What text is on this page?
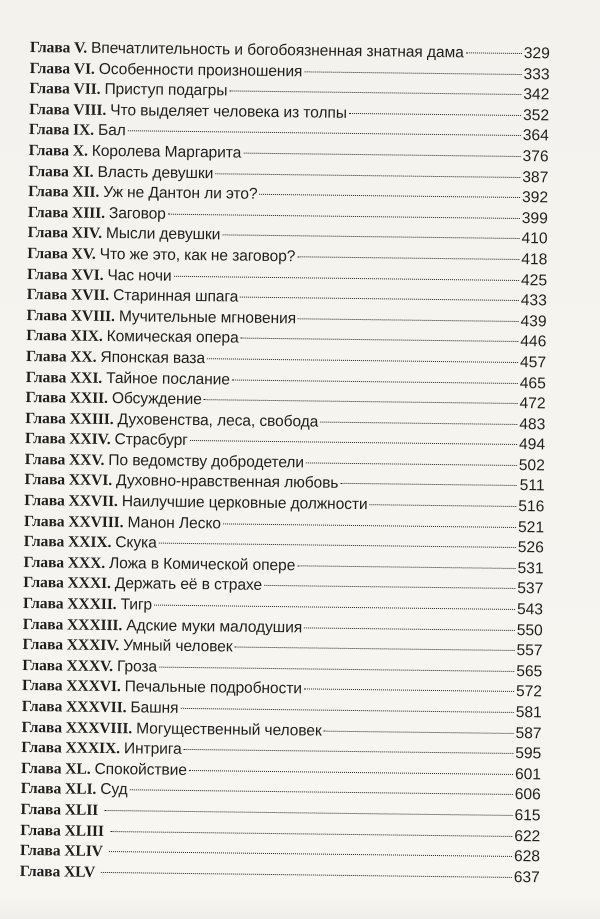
Глава V. Впечатлительность и богобоязненная знатная дама	329
Глава VI. Особенности произношения	333
Глава VII. Приступ подагры	342
Глава VIII. Что выделяет человека из толпы	352
Глава IX. Бал	364
Глава X. Королева Маргарита	376
Глава XI. Власть девушки	387
Глава XII. Уж не Дантон ли это?	392
Глава XIII. Заговор	399
Глава XIV. Мысли девушки	410
Глава XV. Что же это, как не заговор?	418
Глава XVI. Час ночи	425
Глава XVII. Старинная шпага	433
Глава XVIII. Мучительные мгновения	439
Глава XIX. Комическая опера	446
Глава XX. Японская ваза	457
Глава XXI. Тайное послание	465
Глава XXII. Обсуждение	472
Глава XXIII. Духовенства, леса, свобода	483
Глава XXIV. Страсбург	494
Глава XXV. По ведомству добродетели	502
Глава XXVI. Духовно-нравственная любовь	511
Глава XXVII. Наилучшие церковные должности	516
Глава XXVIII. Манон Леско	521
Глава XXIX. Скука	526
Глава XXX. Ложа в Комической опере	531
Глава XXXI. Держать её в страхе	537
Глава XXXII. Тигр	543
Глава XXXIII. Адские муки малодушия	550
Глава XXXIV. Умный человек	557
Глава XXXV. Гроза	565
Глава XXXVI. Печальные подробности	572
Глава XXXVII. Башня	581
Глава XXXVIII. Могущественный человек	587
Глава XXXIX. Интрига	595
Глава XL. Спокойствие	601
Глава XLI. Суд	606
Глава XLII	615
Глава XLIII	622
Глава XLIV	628
Глава XLV	637
